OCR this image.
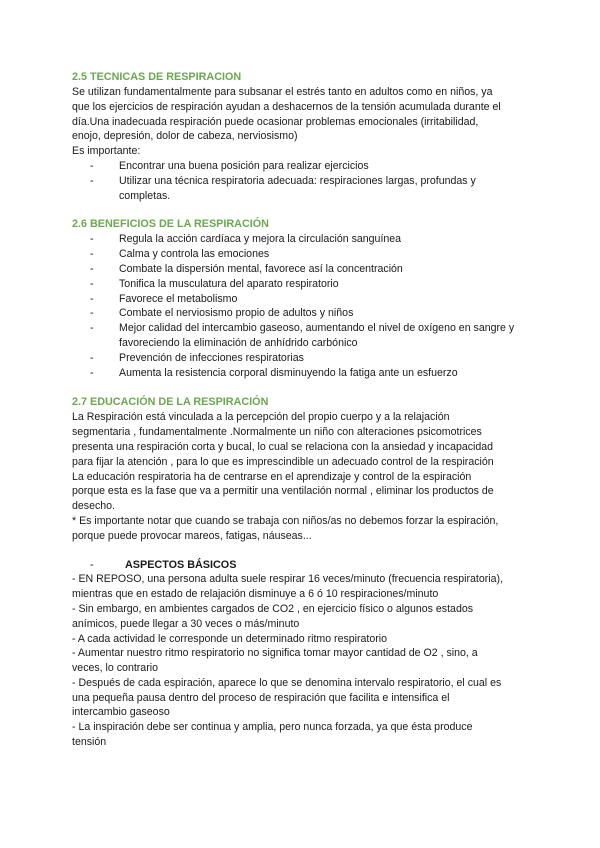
2.5 TECNICAS DE RESPIRACION
Se utilizan fundamentalmente para subsanar el estrés tanto en adultos como en niños, ya
que los ejercicios de respiración ayudan a deshacernos de la tensión acumulada durante el
día.Una inadecuada respiración puede ocasionar problemas emocionales (irritabilidad,
enojo, depresión, dolor de cabeza, nerviosismo)
Es importante:
- Encontrar una buena posición para realizar ejercicios
- Utilizar una técnica respiratoria adecuada: respiraciones largas, profundas y
completas.
2.6 BENEFICIOS DE LA RESPIRACIÓN
- Regula la acción cardíaca y mejora la circulación sanguínea
- Calma y controla las emociones
- Combate la dispersión mental, favorece así la concentración
- Tonifica la musculatura del aparato respiratorio
- Favorece el metabolismo
- Combate el nerviosismo propio de adultos y niños
- Mejor calidad del intercambio gaseoso, aumentando el nivel de oxígeno en sangre y
favoreciendo la eliminación de anhídrido carbónico
- Prevención de infecciones respiratorias
- Aumenta la resistencia corporal disminuyendo la fatiga ante un esfuerzo
2.7 EDUCACIÓN DE LA RESPIRACIÓN
La Respiración está vinculada a la percepción del propio cuerpo y a la relajación
segmentaria , fundamentalmente .Normalmente un niño con alteraciones psicomotrices
presenta una respiración corta y bucal, lo cual se relaciona con la ansiedad y incapacidad
para fijar la atención , para lo que es imprescindible un adecuado control de la respiración
La educación respiratoria ha de centrarse en el aprendizaje y control de la espiración
porque esta es la fase que va a permitir una ventilación normal , eliminar los productos de
desecho.
* Es importante notar que cuando se trabaja con niños/as no debemos forzar la espiración,
porque puede provocar mareos, fatigas, náuseas...
- ASPECTOS BÁSICOS
- EN REPOSO, una persona adulta suele respirar 16 veces/minuto (frecuencia respiratoria),
mientras que en estado de relajación disminuye a 6 ó 10 respiraciones/minuto
- Sin embargo, en ambientes cargados de CO2 , en ejercicio físico o algunos estados
anímicos, puede llegar a 30 veces o más/minuto
- A cada actividad le corresponde un determinado ritmo respiratorio
- Aumentar nuestro ritmo respiratorio no significa tomar mayor cantidad de O2 , sino, a
veces, lo contrario
- Después de cada espiración, aparece lo que se denomina intervalo respiratorio, el cual es
una pequeña pausa dentro del proceso de respiración que facilita e intensifica el
intercambio gaseoso
- La inspiración debe ser continua y amplia, pero nunca forzada, ya que ésta produce
tensión
